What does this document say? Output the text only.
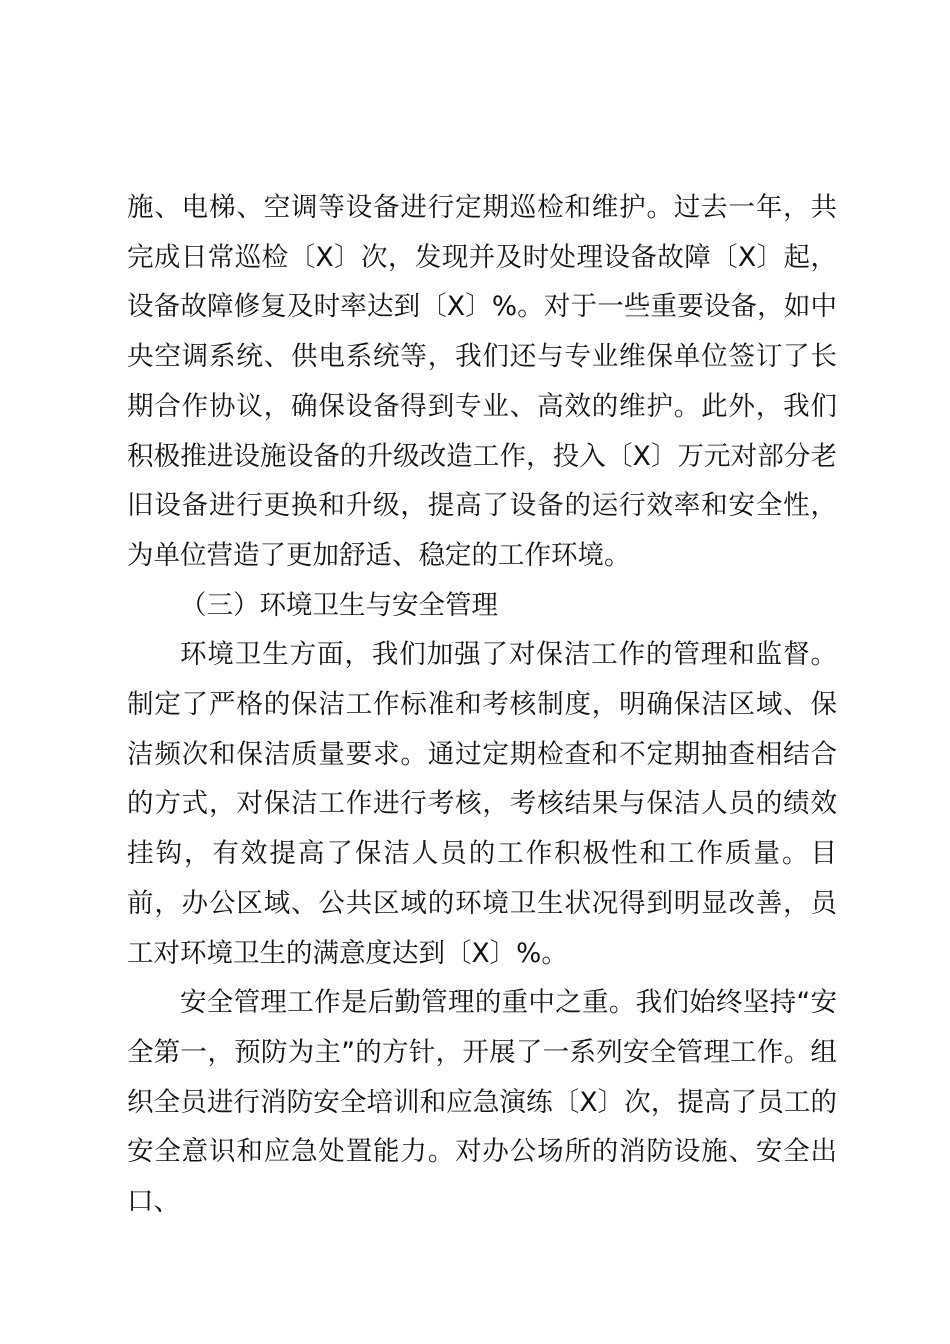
施、电梯、空调等设备进行定期巡检和维护。过去一年，共完成日常巡检〔X〕次，发现并及时处理设备故障〔X〕起，设备故障修复及时率达到〔X〕%。对于一些重要设备，如中央空调系统、供电系统等，我们还与专业维保单位签订了长期合作协议，确保设备得到专业、高效的维护。此外，我们积极推进设施设备的升级改造工作，投入〔X〕万元对部分老旧设备进行更换和升级，提高了设备的运行效率和安全性，为单位营造了更加舒适、稳定的工作环境。

（三）环境卫生与安全管理

环境卫生方面，我们加强了对保洁工作的管理和监督。制定了严格的保洁工作标准和考核制度，明确保洁区域、保洁频次和保洁质量要求。通过定期检查和不定期抽查相结合的方式，对保洁工作进行考核，考核结果与保洁人员的绩效挂钩，有效提高了保洁人员的工作积极性和工作质量。目前，办公区域、公共区域的环境卫生状况得到明显改善，员工对环境卫生的满意度达到〔X〕%。

安全管理工作是后勤管理的重中之重。我们始终坚持“安全第一，预防为主”的方针，开展了一系列安全管理工作。组织全员进行消防安全培训和应急演练〔X〕次，提高了员工的安全意识和应急处置能力。对办公场所的消防设施、安全出口、
